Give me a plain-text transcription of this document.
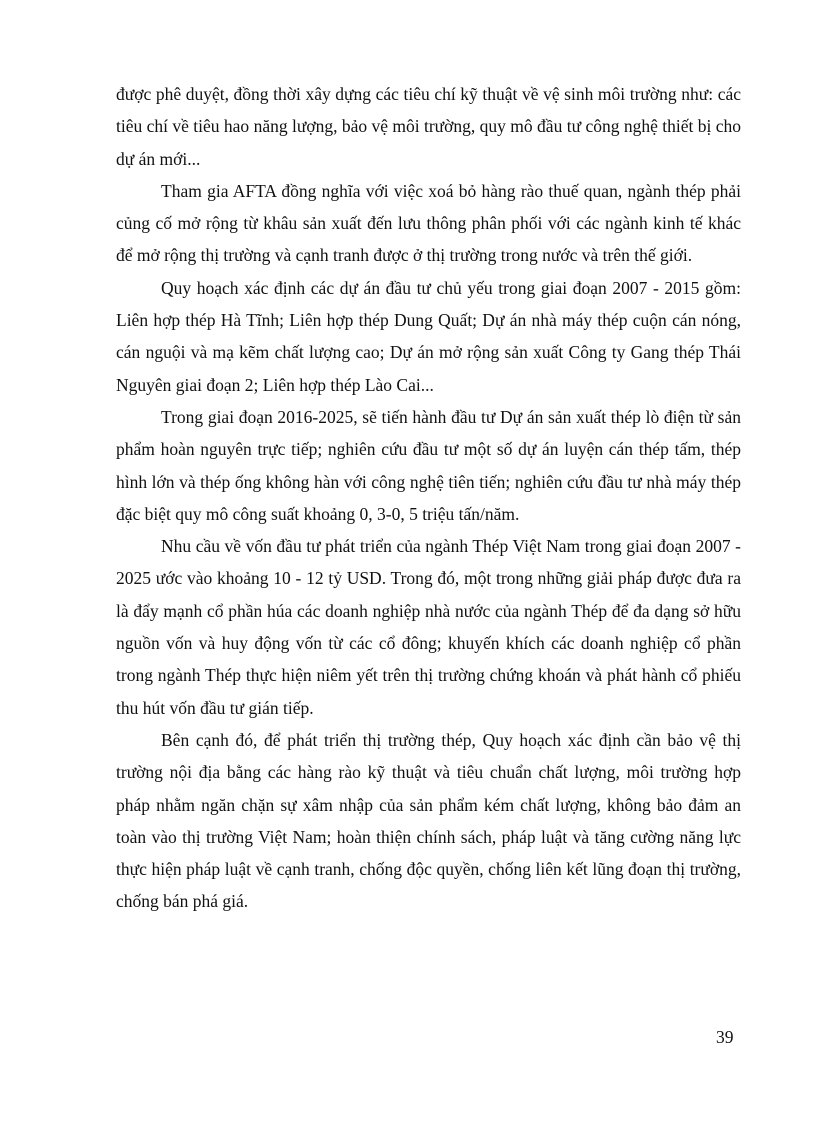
được phê duyệt, đồng thời xây dựng các tiêu chí kỹ thuật về vệ sinh môi trường như: các tiêu chí về tiêu hao năng lượng, bảo vệ môi trường, quy mô đầu tư công nghệ thiết bị cho dự án mới...

Tham gia AFTA đồng nghĩa với việc xoá bỏ hàng rào thuế quan, ngành thép phải củng cố mở rộng từ khâu sản xuất đến lưu thông phân phối với các ngành kinh tế khác để mở rộng thị trường và cạnh tranh được ở thị trường trong nước và trên thế giới.

Quy hoạch xác định các dự án đầu tư chủ yếu trong giai đoạn 2007 - 2015 gồm: Liên hợp thép Hà Tĩnh; Liên hợp thép Dung Quất; Dự án nhà máy thép cuộn cán nóng, cán nguội và mạ kẽm chất lượng cao; Dự án mở rộng sản xuất Công ty Gang thép Thái Nguyên giai đoạn 2; Liên hợp thép Lào Cai...

Trong giai đoạn 2016-2025, sẽ tiến hành đầu tư Dự án sản xuất thép lò điện từ sản phẩm hoàn nguyên trực tiếp; nghiên cứu đầu tư một số dự án luyện cán thép tấm, thép hình lớn và thép ống không hàn với công nghệ tiên tiến; nghiên cứu đầu tư nhà máy thép đặc biệt quy mô công suất khoảng 0, 3-0, 5 triệu tấn/năm.

Nhu cầu về vốn đầu tư phát triển của ngành Thép Việt Nam trong giai đoạn 2007 - 2025 ước vào khoảng 10 - 12 tỷ USD. Trong đó, một trong những giải pháp được đưa ra là đẩy mạnh cổ phần húa các doanh nghiệp nhà nước của ngành Thép để đa dạng sở hữu nguồn vốn và huy động vốn từ các cổ đông; khuyến khích các doanh nghiệp cổ phần trong ngành Thép thực hiện niêm yết trên thị trường chứng khoán và phát hành cổ phiếu thu hút vốn đầu tư gián tiếp.

Bên cạnh đó, để phát triển thị trường thép, Quy hoạch xác định cần bảo vệ thị trường nội địa bằng các hàng rào kỹ thuật và tiêu chuẩn chất lượng, môi trường hợp pháp nhằm ngăn chặn sự xâm nhập của sản phẩm kém chất lượng, không bảo đảm an toàn vào thị trường Việt Nam; hoàn thiện chính sách, pháp luật và tăng cường năng lực thực hiện pháp luật về cạnh tranh, chống độc quyền, chống liên kết lũng đoạn thị trường, chống bán phá giá.

39
